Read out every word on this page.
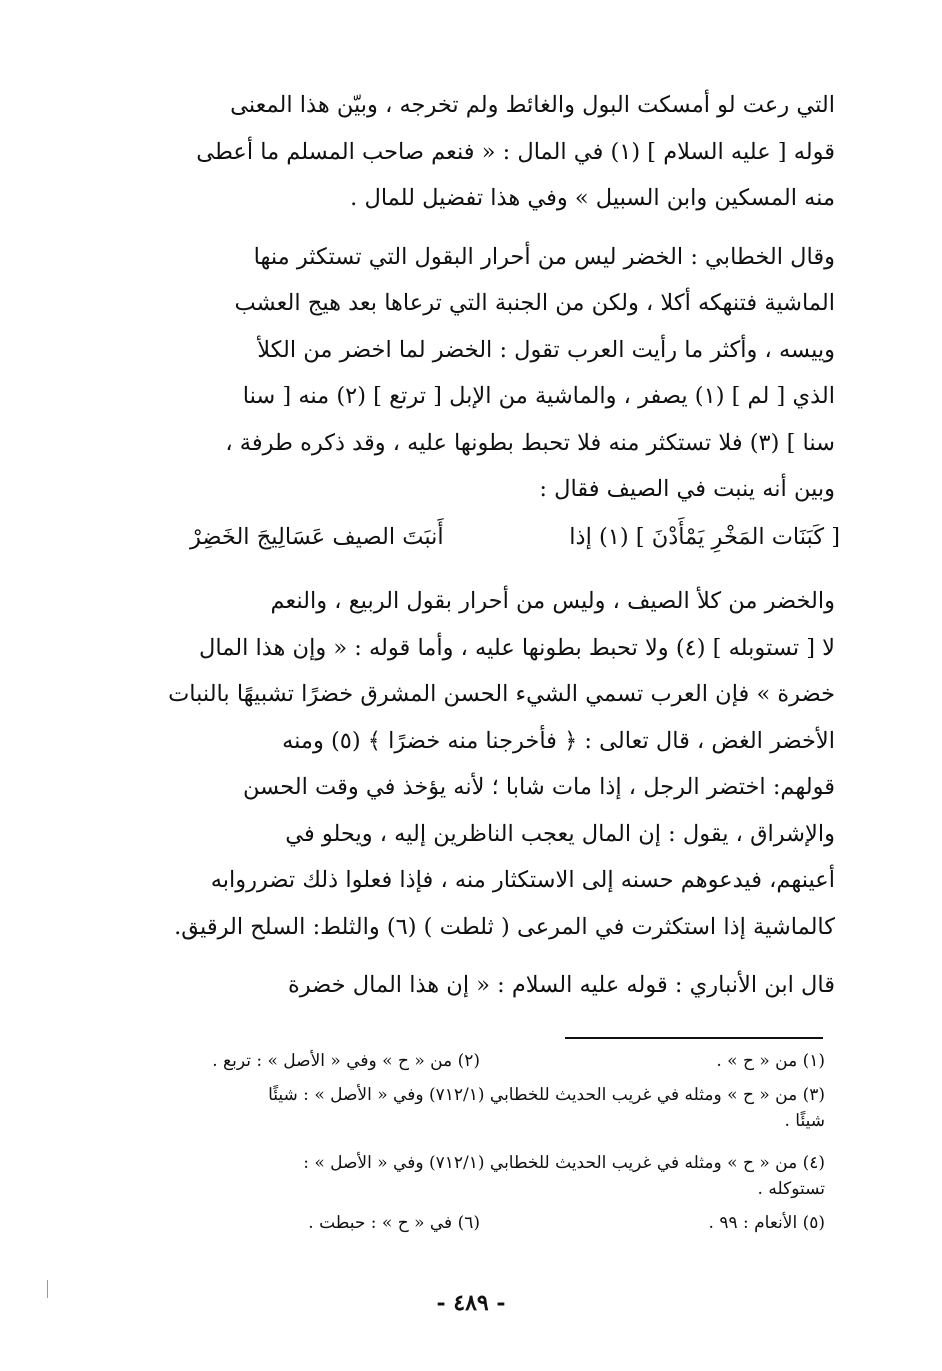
التي رعت لو أمسكت البول والغائط ولم تخرجه ، وبيّن هذا المعنى
قوله [ عليه السلام ] (١) في المال : « فنعم صاحب المسلم ما أعطى
منه المسكين وابن السبيل » وفي هذا تفضيل للمال .

وقال الخطابي : الخضر ليس من أحرار البقول التي تستكثر منها
الماشية فتنهكه أكلا ، ولكن من الجنبة التي ترعاها بعد هيج العشب
وييسه ، وأكثر ما رأيت العرب تقول : الخضر لما اخضر من الكلأ
الذي [ لم ] (١) يصفر ، والماشية من الإبل [ ترتع ] (٢) منه [ سنا
سنا ] (٣) فلا تستكثر منه فلا تحبط بطونها عليه ، وقد ذكره طرفة ،
وبين أنه ينبت في الصيف فقال :

[ كَبَنَات المَخْرِ يَمْأَدْنَ ] (١) إذا
أَنبَتَ الصيف عَسَالِيجَ الخَضِرْ

والخضر من كلأ الصيف ، وليس من أحرار بقول الربيع ، والنعم
لا [ تستوبله ] (٤) ولا تحبط بطونها عليه ، وأما قوله : « وإن هذا المال
خضرة » فإن العرب تسمي الشيء الحسن المشرق خضرًا تشبيهًا بالنبات
الأخضر الغض ، قال تعالى : ﴿ فأخرجنا منه خضرًا ﴾ (٥) ومنه
قولهم: اختضر الرجل ، إذا مات شابا ؛ لأنه يؤخذ في وقت الحسن
والإشراق ، يقول : إن المال يعجب الناظرين إليه ، ويحلو في
أعينهم، فيدعوهم حسنه إلى الاستكثار منه ، فإذا فعلوا ذلك تضرروابه
كالماشية إذا استكثرت في المرعى ( ثلطت ) (٦) والثلط: السلح الرقيق.

قال ابن الأنباري : قوله عليه السلام : « إن هذا المال خضرة

(١) من « ح » .(٢) من « ح » وفي « الأصل » : تربع .
(٣) من « ح » ومثله في غريب الحديث للخطابي (٧١٢/١) وفي « الأصل » : شيئًا
شيئًا .
(٤) من « ح » ومثله في غريب الحديث للخطابي (٧١٢/١) وفي « الأصل » :
تستوكله .
(٥) الأنعام : ٩٩ .(٦) في « ح » : حبطت .
- ٤٨٩ -
